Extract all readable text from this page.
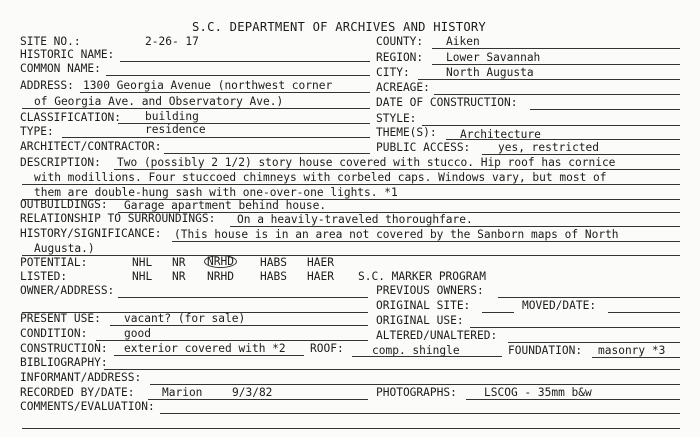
S.C. DEPARTMENT OF ARCHIVES AND HISTORY
SITE NO.:	2-26- 17
HISTORIC NAME:
COMMON NAME:
ADDRESS: 1300 Georgia Avenue (northwest corner
of Georgia Ave. and Observatory Ave.)
CLASSIFICATION: building
TYPE:	residence
ARCHITECT/CONTRACTOR:
COUNTY: Aiken
REGION: Lower Savannah
CITY:	North Augusta
ACREAGE:
DATE OF CONSTRUCTION:
STYLE:
THEME(S): Architecture
PUBLIC ACCESS: yes, restricted
DESCRIPTION: Two (possibly 2 1/2) story house covered with stucco. Hip roof has cornice
with modillions. Four stuccoed chimneys with corbeled caps. Windows vary, but most of
them are double-hung sash with one-over-one lights. *1
OUTBUILDINGS: Garage apartment behind house.
RELATIONSHIP TO SURROUNDINGS: On a heavily-traveled thoroughfare.
HISTORY/SIGNIFICANCE: (This house is in an area not covered by the Sanborn maps of North
Augusta.)
POTENTIAL:	NHL NR NRHD HABS HAER
LISTED:	NHL NR NRHD HABS HAER S.C. MARKER PROGRAM
OWNER/ADDRESS:	PREVIOUS OWNERS:
ORIGINAL SITE:	MOVED/DATE:
PRESENT USE: vacant? (for sale)	ORIGINAL USE:
CONDITION:	good	ALTERED/UNALTERED:
CONSTRUCTION: exterior covered with *2 ROOF:	comp. shingle	FOUNDATION: masonry *3
BIBLIOGRAPHY:
INFORMANT/ADDRESS:
RECORDED BY/DATE: Marion	9/3/82	PHOTOGRAPHS: LSCOG - 35mm b&w
COMMENTS/EVALUATION:
